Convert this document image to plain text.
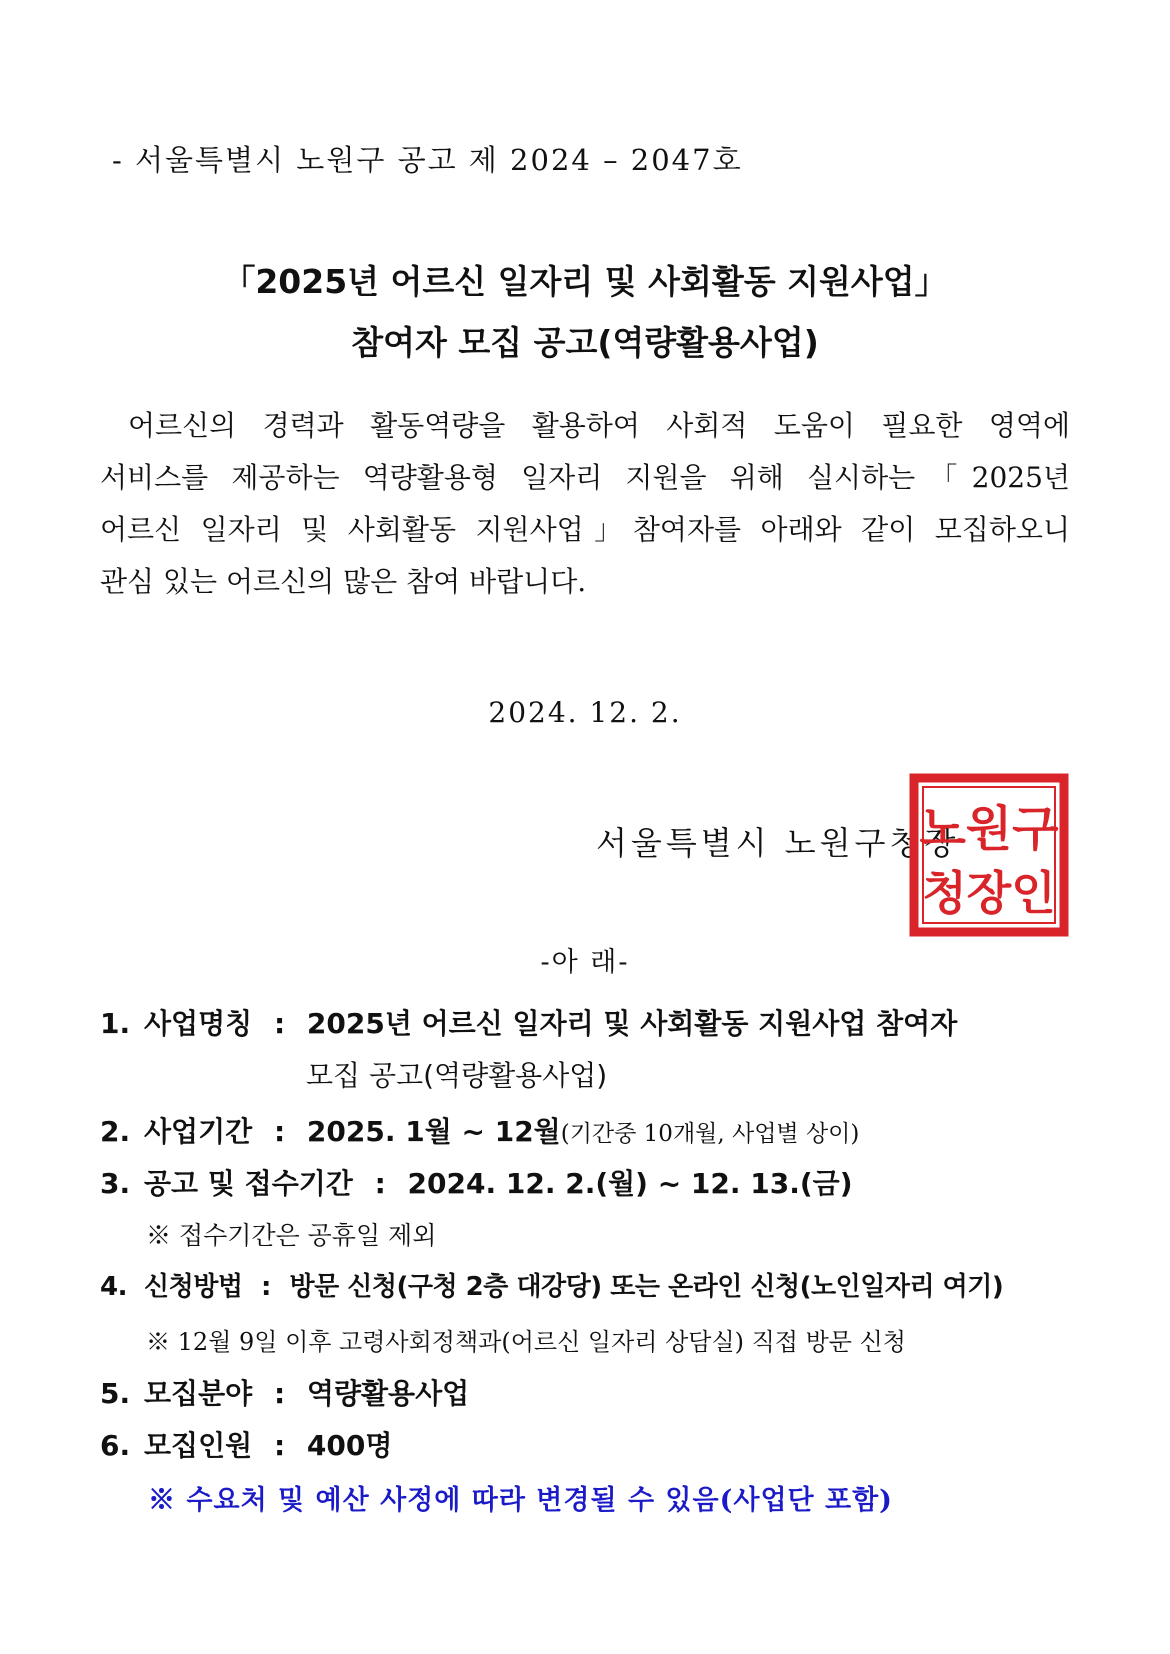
- 서울특별시 노원구 공고 제 2024 – 2047호
「2025년 어르신 일자리 및 사회활동 지원사업」
참여자 모집 공고(역량활용사업)
어르신의 경력과 활동역량을 활용하여 사회적 도움이 필요한 영역에
서비스를 제공하는 역량활용형 일자리 지원을 위해 실시하는「2025년
어르신 일자리 및 사회활동 지원사업」참여자를 아래와 같이 모집하오니
관심 있는 어르신의 많은 참여 바랍니다.
2024. 12. 2.
서울특별시 노원구청장
노원구
청장인
-아 래-
1. 사업명칭 : 2025년 어르신 일자리 및 사회활동 지원사업 참여자
모집 공고(역량활용사업)
2. 사업기간 : 2025. 1월 ~ 12월(기간중 10개월, 사업별 상이)
3. 공고 및 접수기간 : 2024. 12. 2.(월) ~ 12. 13.(금)
※ 접수기간은 공휴일 제외
4. 신청방법 : 방문 신청(구청 2층 대강당) 또는 온라인 신청(노인일자리 여기)
※ 12월 9일 이후 고령사회정책과(어르신 일자리 상담실) 직접 방문 신청
5. 모집분야 : 역량활용사업
6. 모집인원 : 400명
※ 수요처 및 예산 사정에 따라 변경될 수 있음(사업단 포함)
